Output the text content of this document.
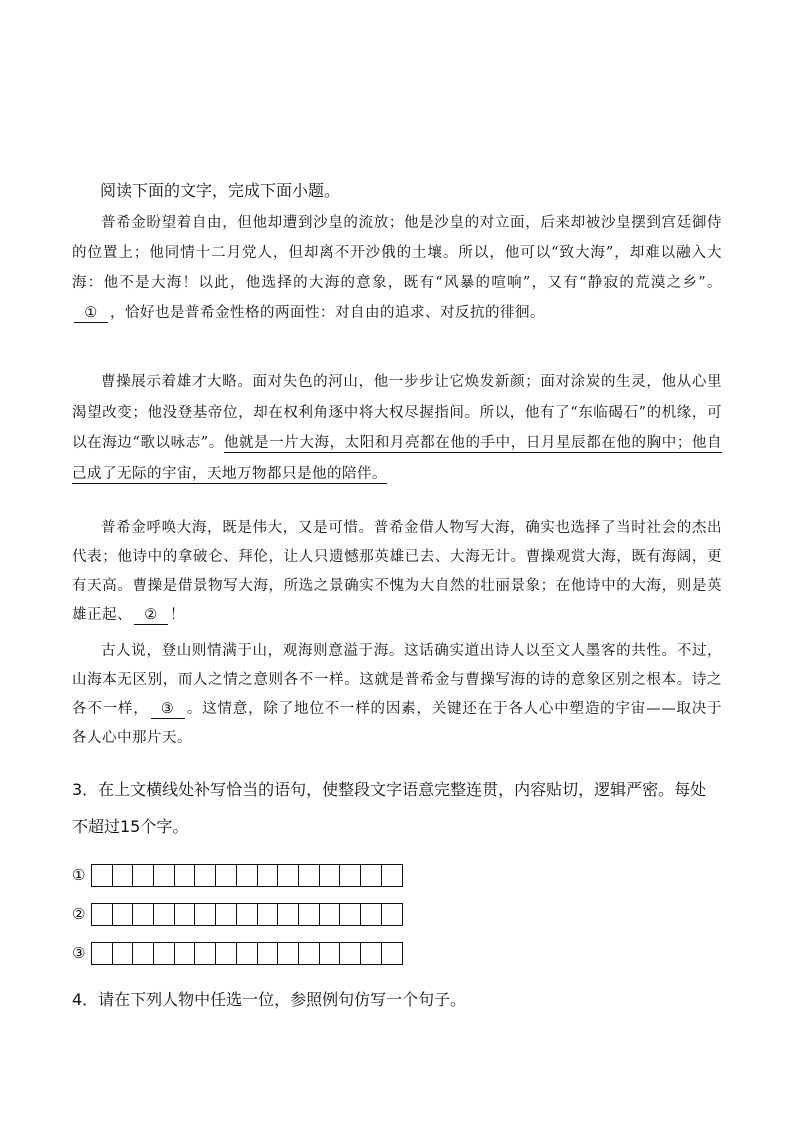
阅读下面的文字，完成下面小题。
普希金盼望着自由，但他却遭到沙皇的流放；他是沙皇的对立面，后来却被沙皇摆到宫廷御侍的位置上；他同情十二月党人，但却离不开沙俄的土壤。所以，他可以“致大海”，却难以融入大海：他不是大海！以此，他选择的大海的意象，既有“风暴的喧响”，又有“静寂的荒漠之乡”。① ，恰好也是普希金性格的两面性：对自由的追求、对反抗的徘徊。
曹操展示着雄才大略。面对失色的河山，他一步步让它焕发新颜；面对涂炭的生灵，他从心里渴望改变；他没登基帝位，却在权利角逐中将大权尽握指间。所以，他有了“东临碣石”的机缘，可以在海边“歌以咏志”。他就是一片大海，太阳和月亮都在他的手中，日月星辰都在他的胸中；他自己成了无际的宇宙，天地万物都只是他的陪伴。
普希金呼唤大海，既是伟大，又是可惜。普希金借人物写大海，确实也选择了当时社会的杰出代表；他诗中的拿破仑、拜伦，让人只遗憾那英雄已去、大海无计。曹操观赏大海，既有海阔，更有天高。曹操是借景物写大海，所选之景确实不愧为大自然的壮丽景象；在他诗中的大海，则是英雄正起、 ② ！
古人说，登山则情满于山，观海则意溢于海。这话确实道出诗人以至文人墨客的共性。不过，山海本无区别，而人之情之意则各不一样。这就是普希金与曹操写海的诗的意象区别之根本。诗之各不一样， ③ 。这情意，除了地位不一样的因素，关键还在于各人心中塑造的宇宙——取决于各人心中那片天。
3．在上文横线处补写恰当的语句，使整段文字语意完整连贯，内容贴切，逻辑严密。每处不超过15个字。
①
②
③
4．请在下列人物中任选一位，参照例句仿写一个句子。
